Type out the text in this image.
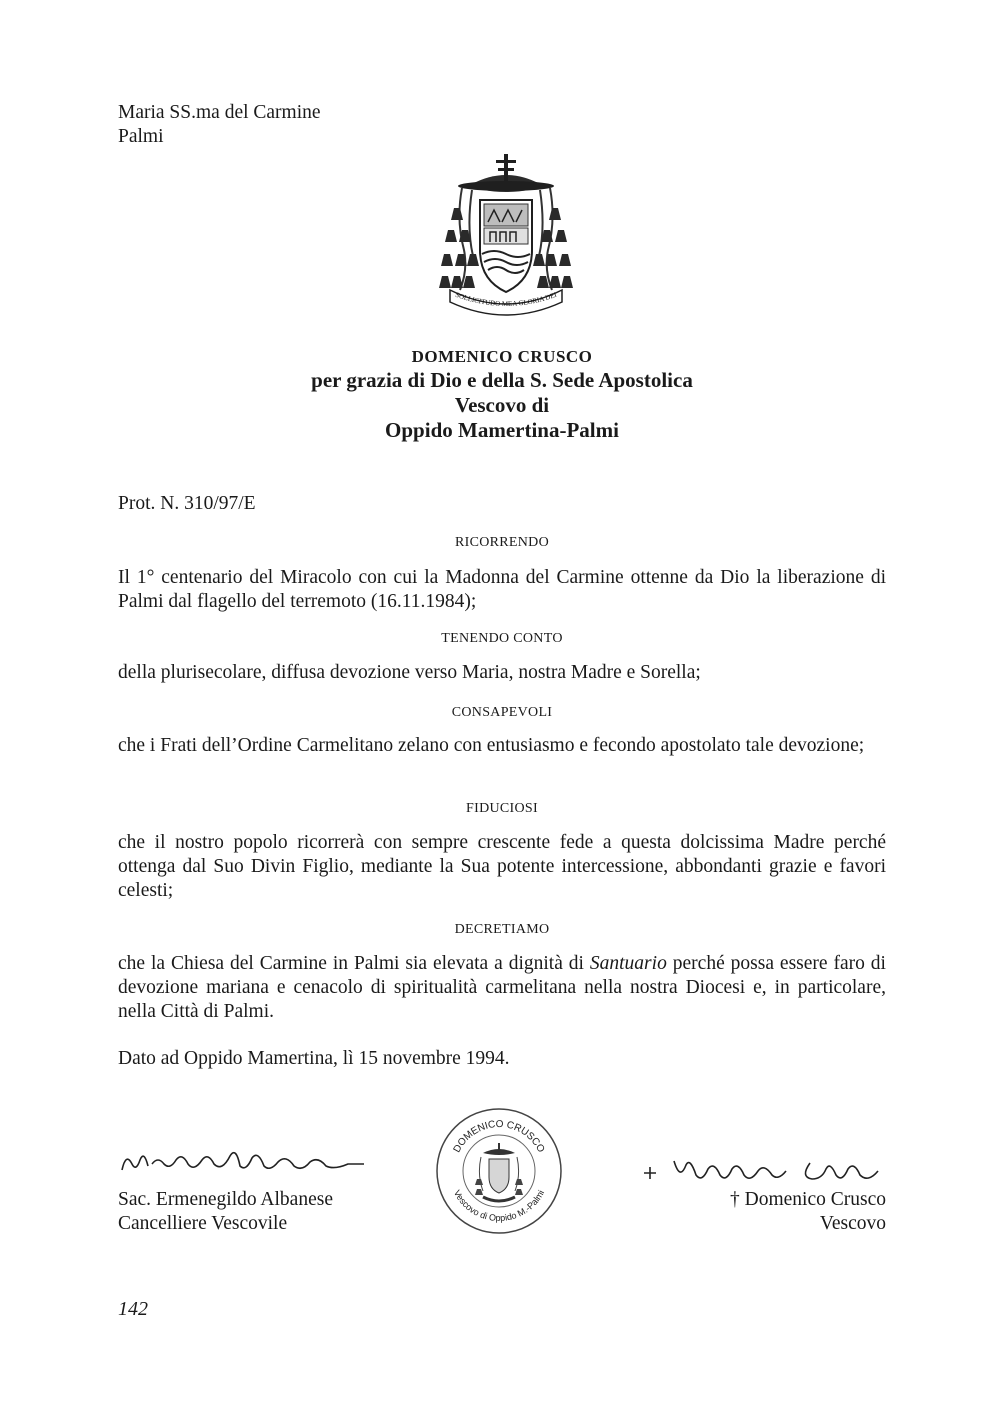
Maria SS.ma del Carmine
Palmi
SOLLICITUDO MEA GLORIA DEI
DOMENICO CRUSCO
per grazia di Dio e della S. Sede Apostolica
Vescovo di
Oppido Mamertina-Palmi
Prot. N. 310/97/E
RICORRENDO
Il 1° centenario del Miracolo con cui la Madonna del Carmine ottenne da Dio la liberazione di Palmi dal flagello del terremoto (16.11.1984);
TENENDO CONTO
della plurisecolare, diffusa devozione verso Maria, nostra Madre e Sorella;
CONSAPEVOLI
che i Frati dell’Ordine Carmelitano zelano con entusiasmo e fecondo apostolato tale devozione;
FIDUCIOSI
che il nostro popolo ricorrerà con sempre crescente fede a questa dolcissima Madre perché ottenga dal Suo Divin Figlio, mediante la Sua potente intercessione, abbondanti grazie e favori celesti;
DECRETIAMO
che la Chiesa del Carmine in Palmi sia elevata a dignità di Santuario perché possa essere faro di devozione mariana e cenacolo di spiritualità carmelitana nella nostra Diocesi e, in particolare, nella Città di Palmi.
Dato ad Oppido Mamertina, lì 15 novembre 1994.
Sac. Ermenegildo Albanese
Cancelliere Vescovile
DOMENICO CRUSCO
Vescovo di Oppido M.-Palmi	† Domenico Crusco
Vescovo
142
